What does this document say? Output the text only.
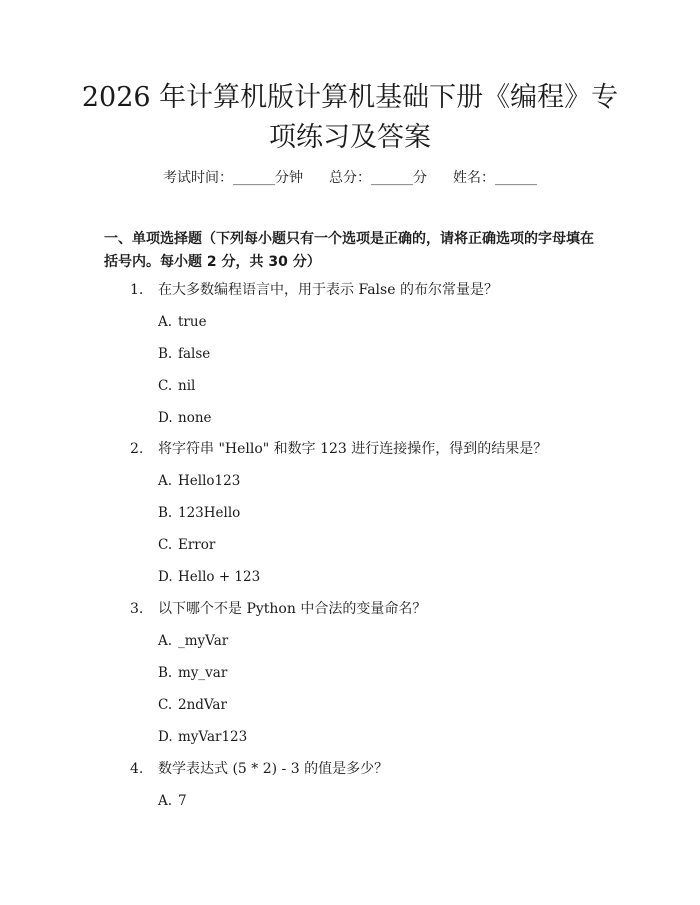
2026 年计算机版计算机基础下册《编程》专
项练习及答案
考试时间：______分钟 总分：______分 姓名：______
一、单项选择题（下列每小题只有一个选项是正确的，请将正确选项的字母填在括号内。每小题 2 分，共 30 分）
1. 在大多数编程语言中，用于表示 False 的布尔常量是？
A. true
B. false
C. nil
D. none
2. 将字符串 "Hello" 和数字 123 进行连接操作，得到的结果是？
A. Hello123
B. 123Hello
C. Error
D. Hello + 123
3. 以下哪个不是 Python 中合法的变量命名？
A. _myVar
B. my_var
C. 2ndVar
D. myVar123
4. 数学表达式 (5 * 2) - 3 的值是多少？
A. 7
